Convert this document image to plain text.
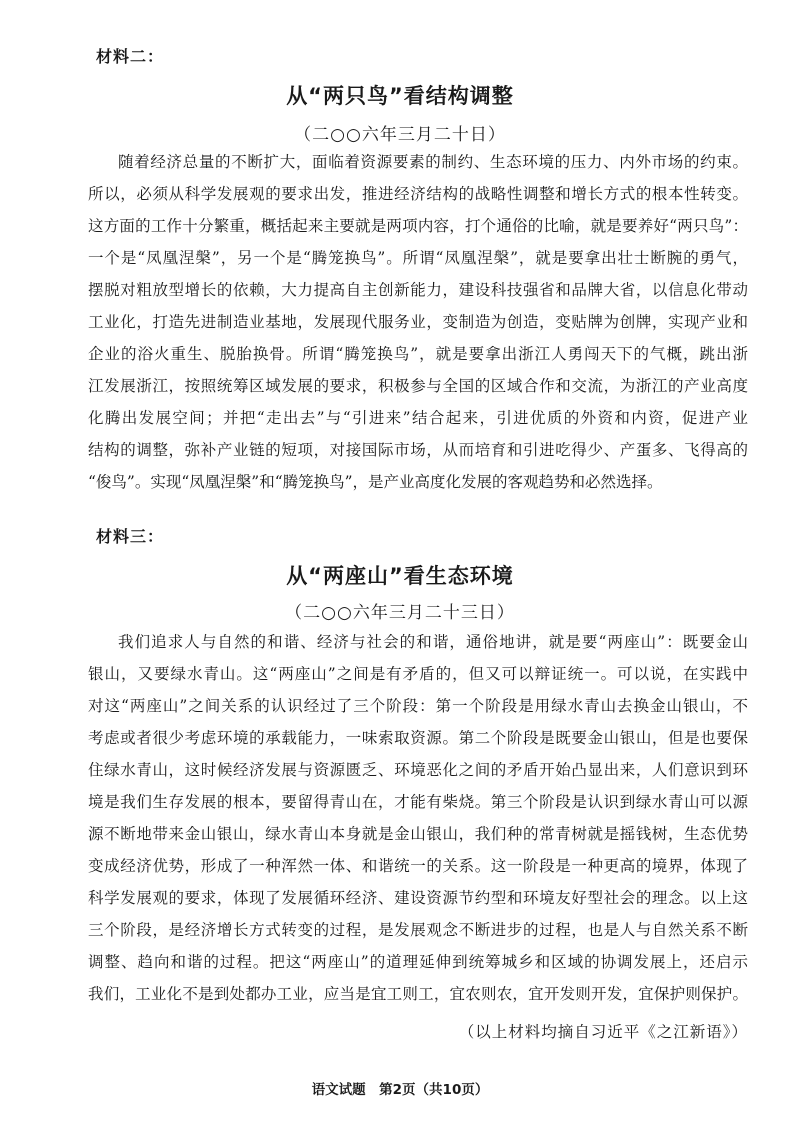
材料二：
从“两只鸟”看结构调整
（二○○六年三月二十日）
随着经济总量的不断扩大，面临着资源要素的制约、生态环境的压力、内外市场的约束。
所以，必须从科学发展观的要求出发，推进经济结构的战略性调整和增长方式的根本性转变。
这方面的工作十分繁重，概括起来主要就是两项内容，打个通俗的比喻，就是要养好“两只鸟”：
一个是“凤凰涅槃”，另一个是“腾笼换鸟”。所谓“凤凰涅槃”，就是要拿出壮士断腕的勇气，
摆脱对粗放型增长的依赖，大力提高自主创新能力，建设科技强省和品牌大省，以信息化带动
工业化，打造先进制造业基地，发展现代服务业，变制造为创造，变贴牌为创牌，实现产业和
企业的浴火重生、脱胎换骨。所谓“腾笼换鸟”，就是要拿出浙江人勇闯天下的气概，跳出浙
江发展浙江，按照统筹区域发展的要求，积极参与全国的区域合作和交流，为浙江的产业高度
化腾出发展空间；并把“走出去”与“引进来”结合起来，引进优质的外资和内资，促进产业
结构的调整，弥补产业链的短项，对接国际市场，从而培育和引进吃得少、产蛋多、飞得高的
“俊鸟”。实现“凤凰涅槃”和“腾笼换鸟”，是产业高度化发展的客观趋势和必然选择。
材料三：
从“两座山”看生态环境
（二○○六年三月二十三日）
我们追求人与自然的和谐、经济与社会的和谐，通俗地讲，就是要“两座山”：既要金山
银山，又要绿水青山。这“两座山”之间是有矛盾的，但又可以辩证统一。可以说，在实践中
对这“两座山”之间关系的认识经过了三个阶段：第一个阶段是用绿水青山去换金山银山，不
考虑或者很少考虑环境的承载能力，一味索取资源。第二个阶段是既要金山银山，但是也要保
住绿水青山，这时候经济发展与资源匮乏、环境恶化之间的矛盾开始凸显出来，人们意识到环
境是我们生存发展的根本，要留得青山在，才能有柴烧。第三个阶段是认识到绿水青山可以源
源不断地带来金山银山，绿水青山本身就是金山银山，我们种的常青树就是摇钱树，生态优势
变成经济优势，形成了一种浑然一体、和谐统一的关系。这一阶段是一种更高的境界，体现了
科学发展观的要求，体现了发展循环经济、建设资源节约型和环境友好型社会的理念。以上这
三个阶段，是经济增长方式转变的过程，是发展观念不断进步的过程，也是人与自然关系不断
调整、趋向和谐的过程。把这“两座山”的道理延伸到统筹城乡和区域的协调发展上，还启示
我们，工业化不是到处都办工业，应当是宜工则工，宜农则农，宜开发则开发，宜保护则保护。
（以上材料均摘自习近平《之江新语》）
语文试题　第2页（共10页）
